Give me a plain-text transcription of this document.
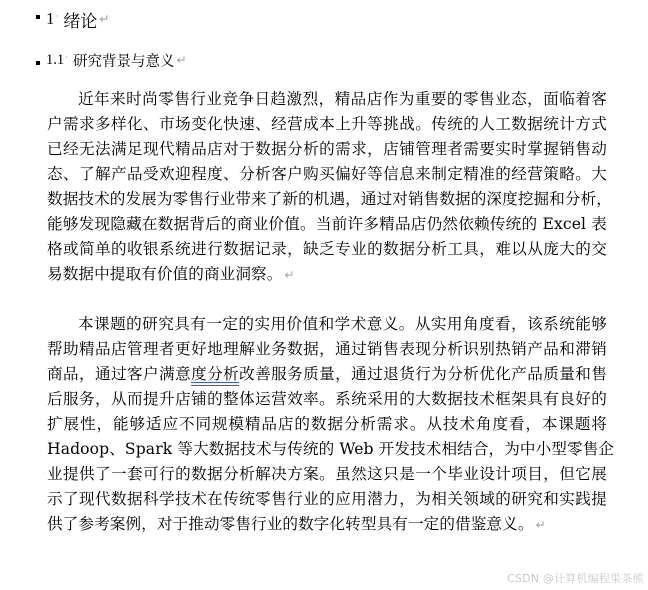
1 · 绪论 ↵
1.1 · 研究背景与意义 ↵
近年来时尚零售行业竞争日趋激烈，精品店作为重要的零售业态，面临着客
户需求多样化、市场变化快速、经营成本上升等挑战。传统的人工数据统计方式
已经无法满足现代精品店对于数据分析的需求，店铺管理者需要实时掌握销售动
态、了解产品受欢迎程度、分析客户购买偏好等信息来制定精准的经营策略。大
数据技术的发展为零售行业带来了新的机遇，通过对销售数据的深度挖掘和分析，
能够发现隐藏在数据背后的商业价值。当前许多精品店仍然依赖传统的 Excel 表
格或简单的收银系统进行数据记录，缺乏专业的数据分析工具，难以从庞大的交
易数据中提取有价值的商业洞察。 ↵
本课题的研究具有一定的实用价值和学术意义。从实用角度看，该系统能够
帮助精品店管理者更好地理解业务数据，通过销售表现分析识别热销产品和滞销
商品，通过客户满意度分析改善服务质量，通过退货行为分析优化产品质量和售
后服务，从而提升店铺的整体运营效率。系统采用的大数据技术框架具有良好的
扩展性，能够适应不同规模精品店的数据分析需求。从技术角度看，本课题将
Hadoop、Spark 等大数据技术与传统的 Web 开发技术相结合，为中小型零售企
业提供了一套可行的数据分析解决方案。虽然这只是一个毕业设计项目，但它展
示了现代数据科学技术在传统零售行业的应用潜力，为相关领域的研究和实践提
供了参考案例，对于推动零售行业的数字化转型具有一定的借鉴意义。 ↵
CSDN @计算机编程果茶熊
